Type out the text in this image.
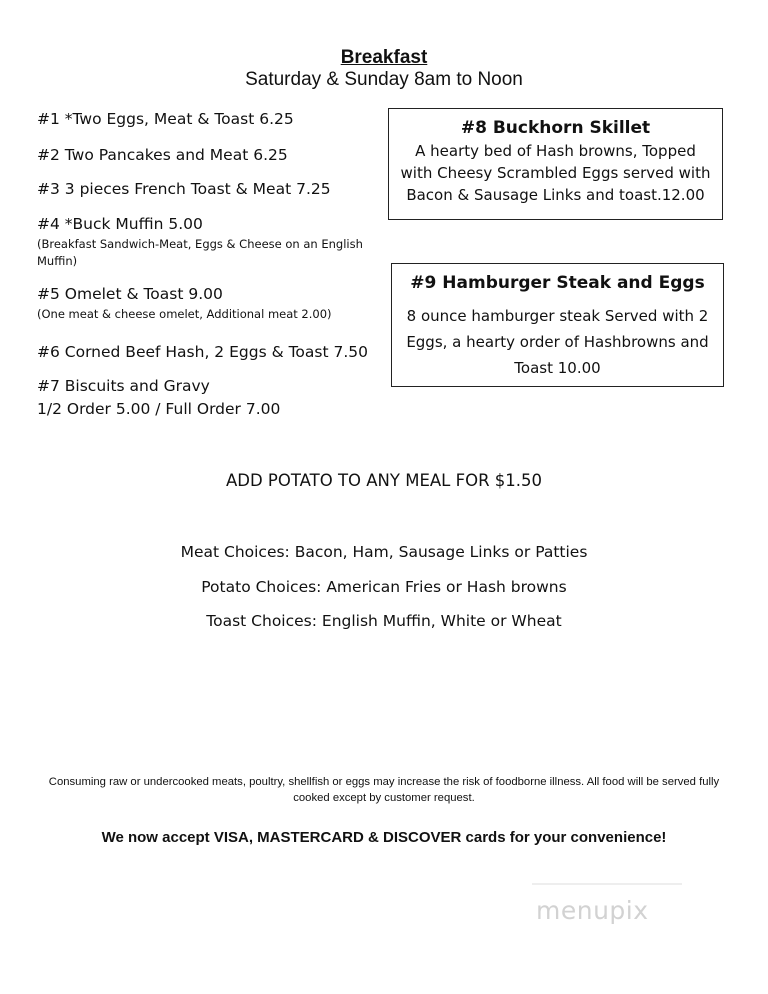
Breakfast
Saturday & Sunday 8am to Noon
#1 *Two Eggs, Meat & Toast 6.25
#2 Two Pancakes and Meat 6.25
#3 3 pieces French Toast & Meat 7.25
#4 *Buck Muffin 5.00
(Breakfast Sandwich-Meat, Eggs & Cheese on an English Muffin)
#5 Omelet & Toast 9.00
(One meat & cheese omelet, Additional meat 2.00)
#6 Corned Beef Hash, 2 Eggs & Toast 7.50
#7 Biscuits and Gravy
1/2 Order 5.00 / Full Order 7.00
#8 Buckhorn Skillet
A hearty bed of Hash browns, Topped with Cheesy Scrambled Eggs served with Bacon & Sausage Links and toast.12.00
#9 Hamburger Steak and Eggs
8 ounce hamburger steak Served with 2 Eggs, a hearty order of Hashbrowns and Toast 10.00
ADD POTATO TO ANY MEAL FOR $1.50
Meat Choices: Bacon, Ham, Sausage Links or Patties
Potato Choices: American Fries or Hash browns
Toast Choices: English Muffin, White or Wheat
Consuming raw or undercooked meats, poultry, shellfish or eggs may increase the risk of foodborne illness. All food will be served fully cooked except by customer request.
We now accept VISA, MASTERCARD & DISCOVER cards for your convenience!
menupix
